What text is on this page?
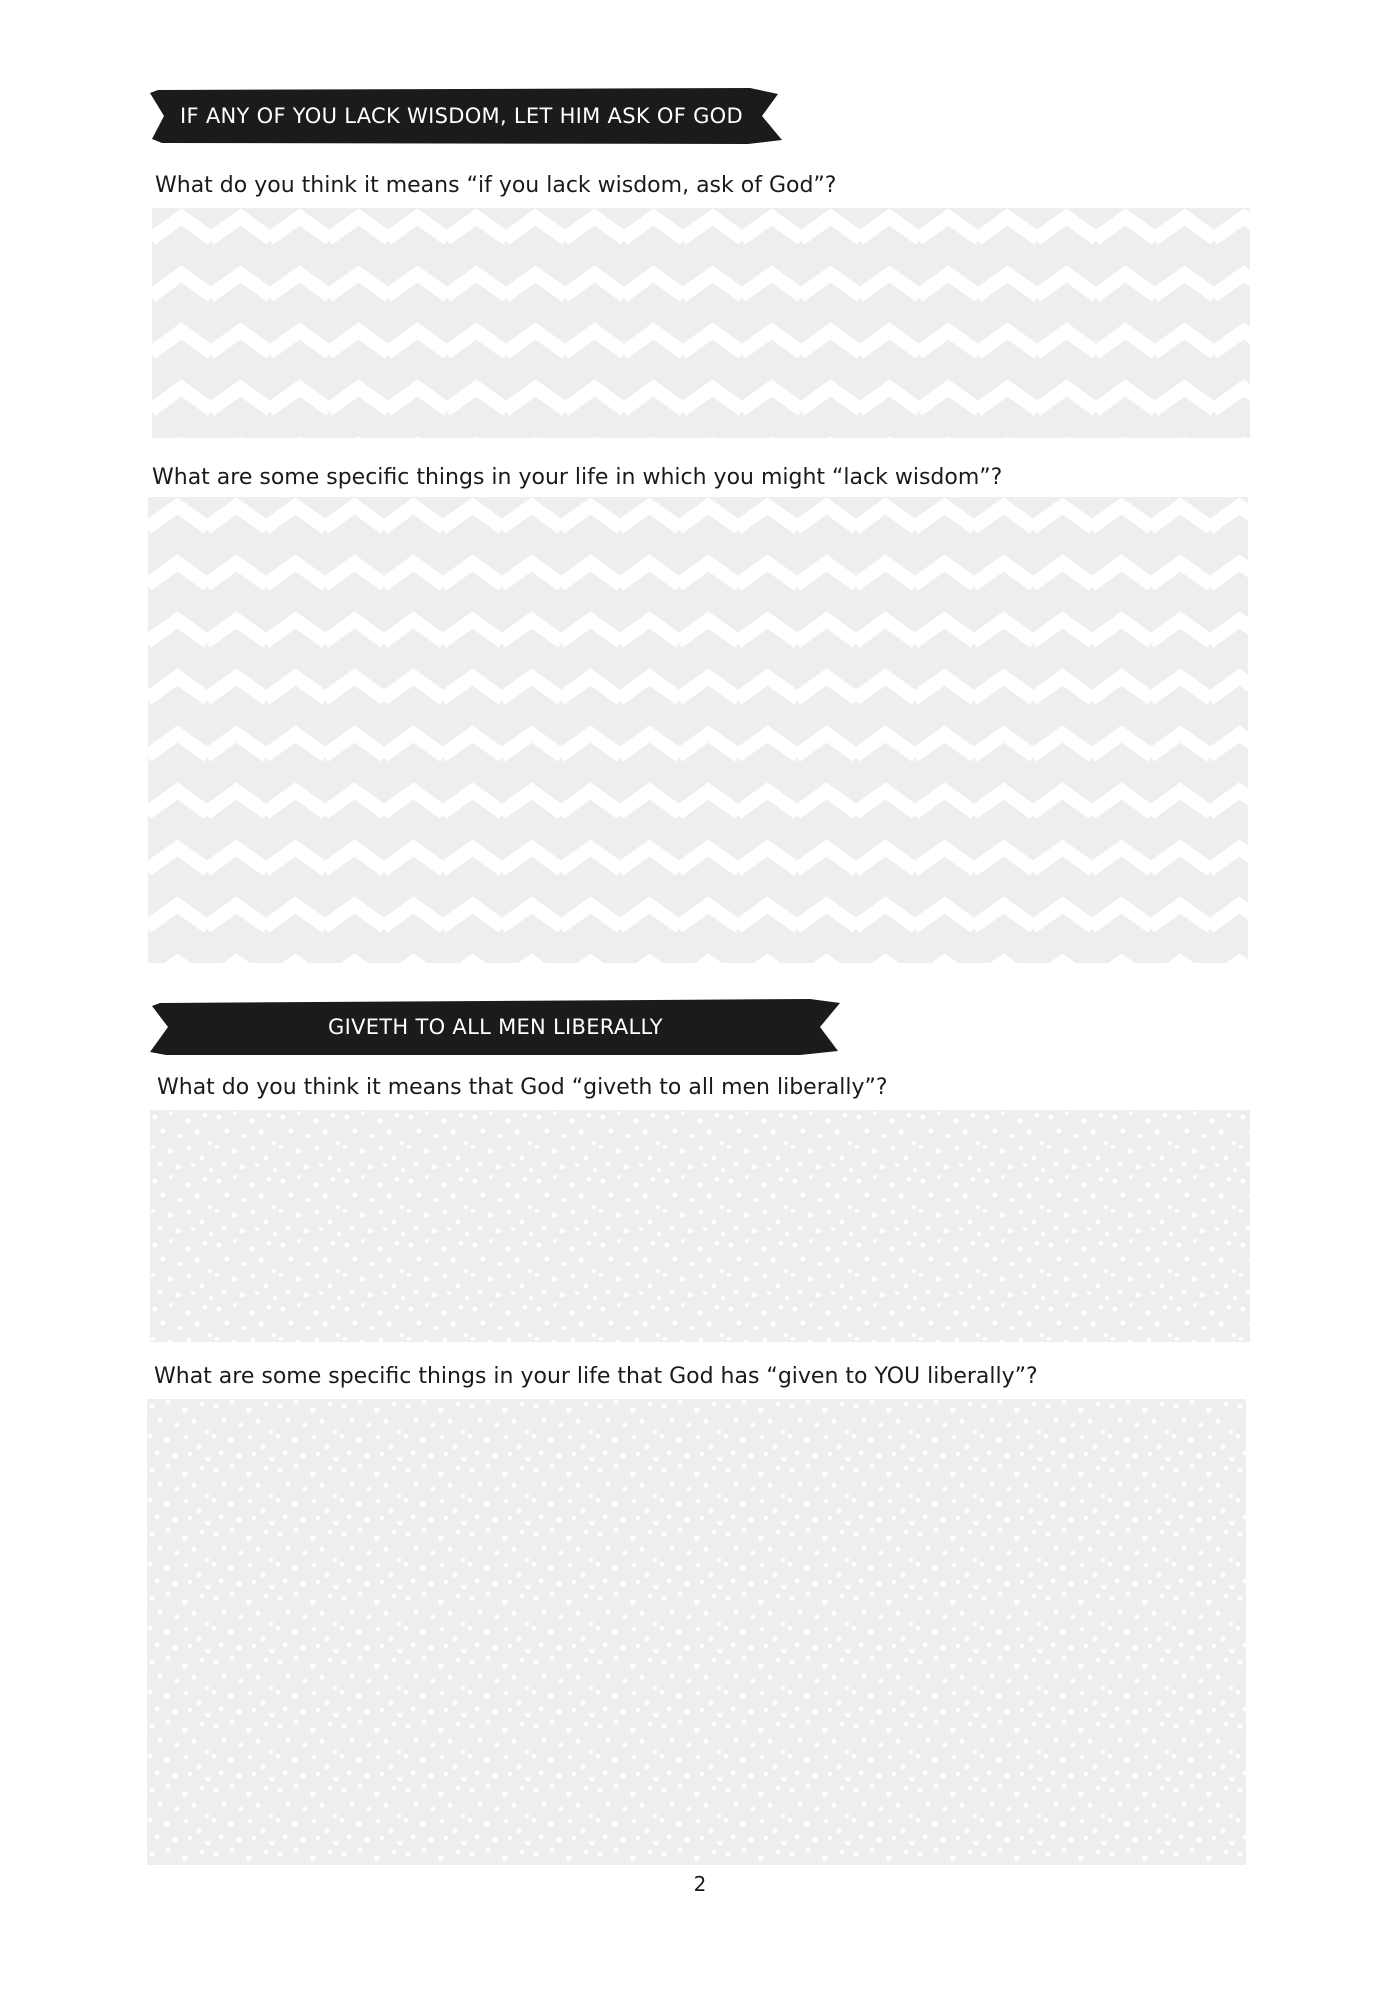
IF ANY OF YOU LACK WISDOM, LET HIM ASK OF GOD
What do you think it means “if you lack wisdom, ask of God”?
What are some specific things in your life in which you might “lack wisdom”?
GIVETH TO ALL MEN LIBERALLY
What do you think it means that God “giveth to all men liberally”?
What are some specific things in your life that God has “given to YOU liberally”?
2
